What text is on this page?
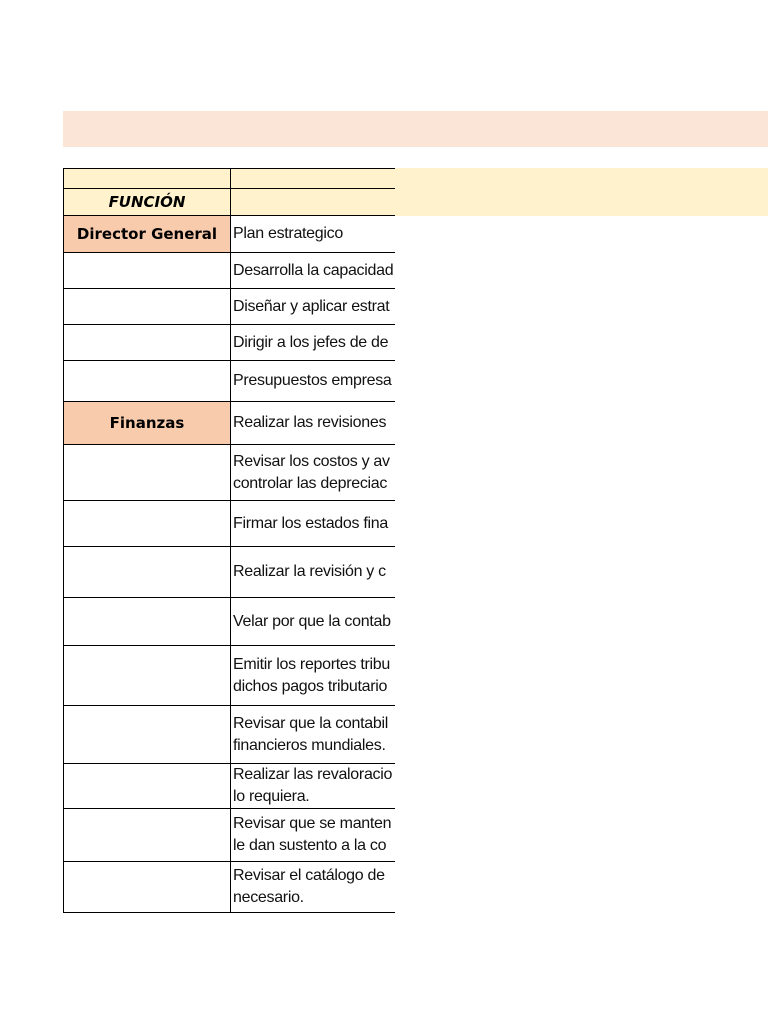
FUNCIÓN	
Director General	Plan estrategico

	Desarrolla la capacidad

	Diseñar y aplicar estrat

	Dirigir a los jefes de de

	Presupuestos empresa

Finanzas	Realizar las revisiones

	Revisar los costos y av
controlar las depreciac

	Firmar los estados fina

	Realizar la revisión y c

	Velar por que la contab

	Emitir los reportes tribu
dichos pagos tributario

	Revisar que la contabil
financieros mundiales.

	Realizar las revaloracio
lo requiera.

	Revisar que se manten
le dan sustento a la co

	Revisar el catálogo de
necesario.
